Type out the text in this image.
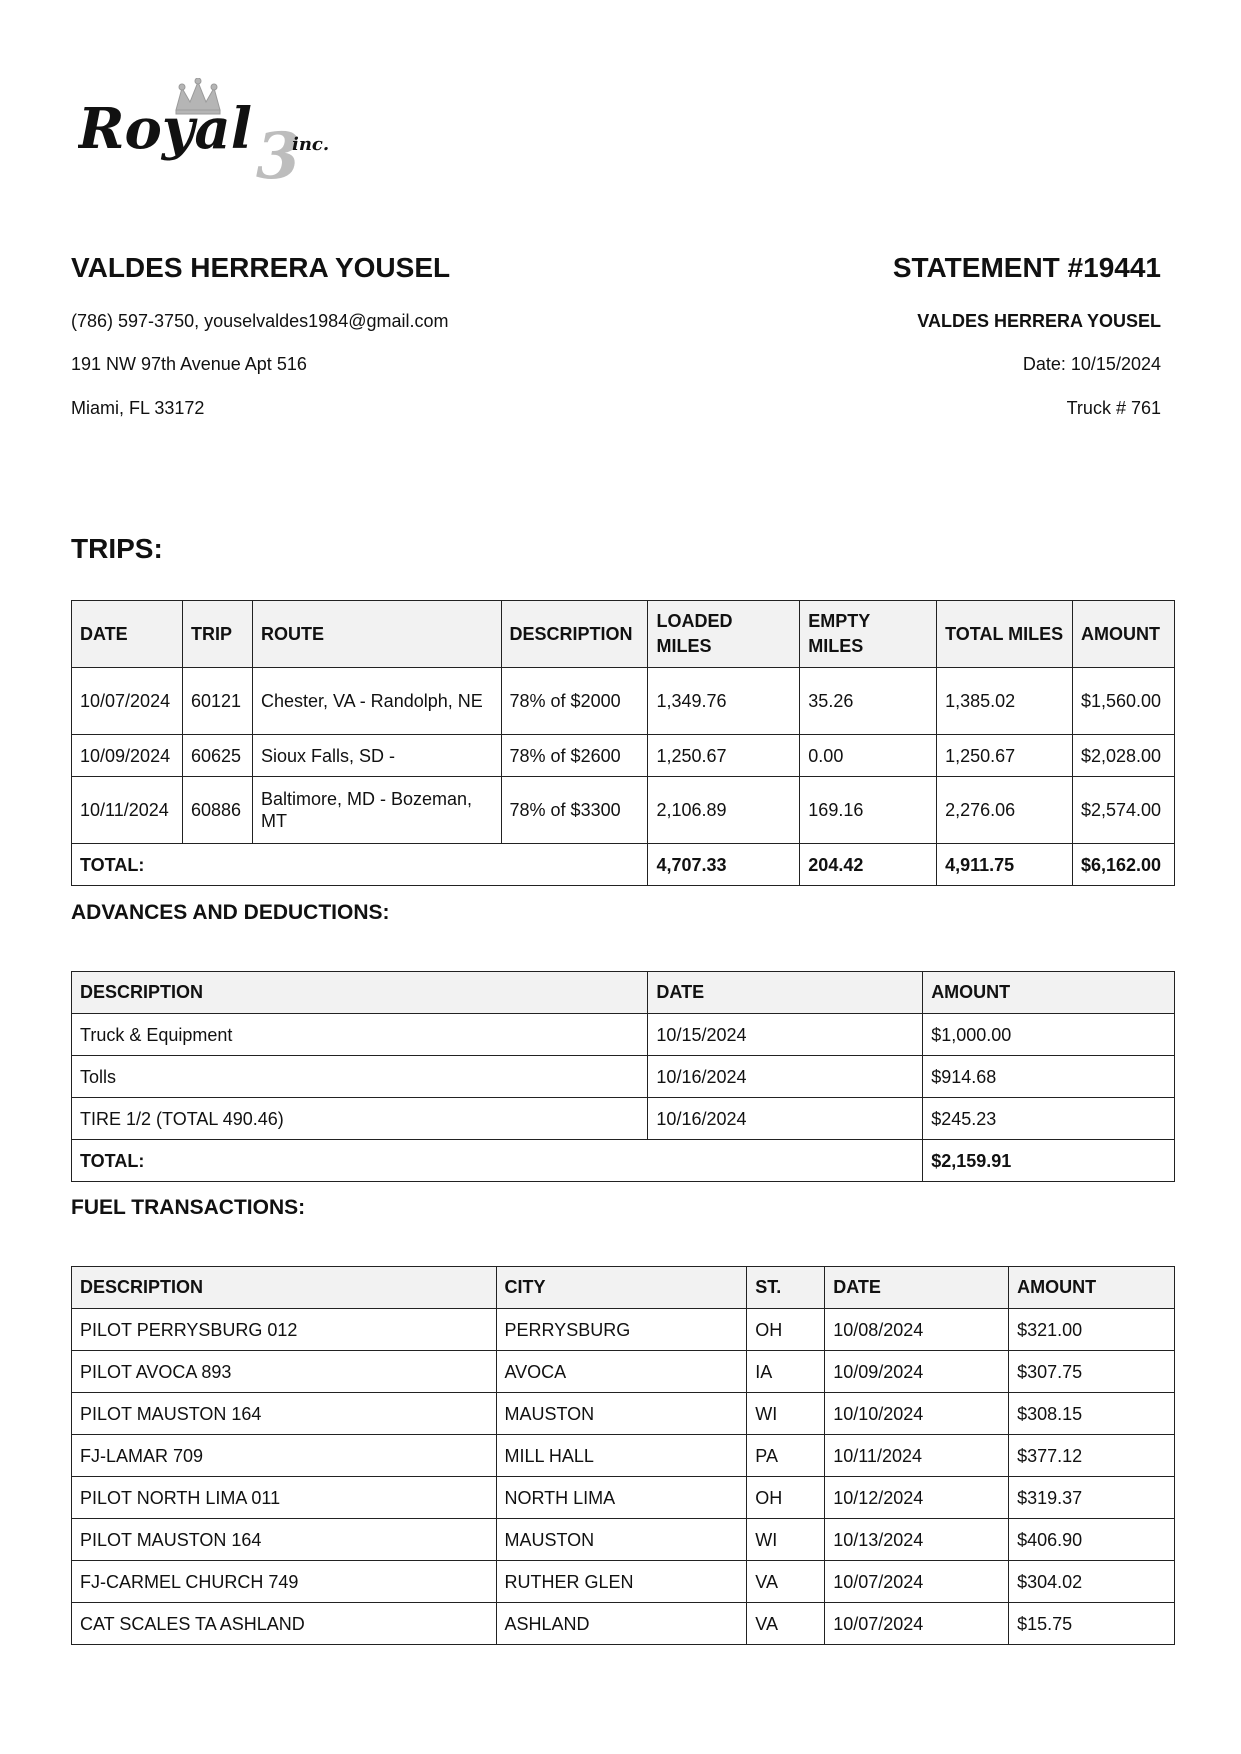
Royal 3
inc.

VALDES HERRERA YOUSEL

(786) 597-3750, youselvaldes1984@gmail.com

191 NW 97th Avenue Apt 516

Miami, FL 33172

STATEMENT #19441

VALDES HERRERA YOUSEL

Date: 10/15/2024

Truck # 761

TRIPS:
DATE	TRIP	ROUTE	DESCRIPTION	LOADED MILES	EMPTY MILES	TOTAL MILES	AMOUNT
10/07/2024	60121	Chester, VA - Randolph, NE	78% of $2000	1,349.76	35.26	1,385.02	$1,560.00
10/09/2024	60625	Sioux Falls, SD -	78% of $2600	1,250.67	0.00	1,250.67	$2,028.00
10/11/2024	60886	Baltimore, MD - Bozeman, MT	78% of $3300	2,106.89	169.16	2,276.06	$2,574.00
TOTAL:				4,707.33	204.42	4,911.75	$6,162.00
ADVANCES AND DEDUCTIONS:
DESCRIPTION	DATE	AMOUNT
Truck & Equipment	10/15/2024	$1,000.00
Tolls	10/16/2024	$914.68
TIRE 1/2 (TOTAL 490.46)	10/16/2024	$245.23
TOTAL:		$2,159.91
FUEL TRANSACTIONS:
DESCRIPTION	CITY	ST.	DATE	AMOUNT
PILOT PERRYSBURG 012	PERRYSBURG	OH	10/08/2024	$321.00
PILOT AVOCA 893	AVOCA	IA	10/09/2024	$307.75
PILOT MAUSTON 164	MAUSTON	WI	10/10/2024	$308.15
FJ-LAMAR 709	MILL HALL	PA	10/11/2024	$377.12
PILOT NORTH LIMA 011	NORTH LIMA	OH	10/12/2024	$319.37
PILOT MAUSTON 164	MAUSTON	WI	10/13/2024	$406.90
FJ-CARMEL CHURCH 749	RUTHER GLEN	VA	10/07/2024	$304.02
CAT SCALES TA ASHLAND	ASHLAND	VA	10/07/2024	$15.75
